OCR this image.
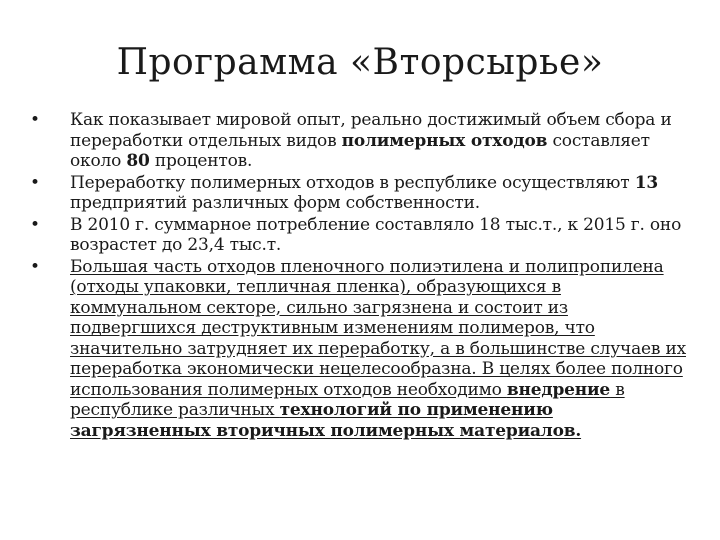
Программа «Вторсырье»
•	Как показывает мировой опыт, реально достижимый объем сбора и переработки отдельных видов полимерных отходов составляет около 80 процентов.
•	Переработку полимерных отходов в республике осуществляют 13 предприятий различных форм собственности.
•	В 2010 г. суммарное потребление составляло 18 тыс.т., к 2015 г. оно возрастет до 23,4 тыс.т.
•	Большая часть отходов пленочного полиэтилена и полипропилена (отходы упаковки, тепличная пленка), образующихся в коммунальном секторе, сильно загрязнена и состоит из подвергшихся деструктивным изменениям полимеров, что значительно затрудняет их переработку, а в большинстве случаев их переработка экономически нецелесообразна. В целях более полного использования полимерных отходов необходимо внедрение в республике различных технологий по применению загрязненных вторичных полимерных материалов.
